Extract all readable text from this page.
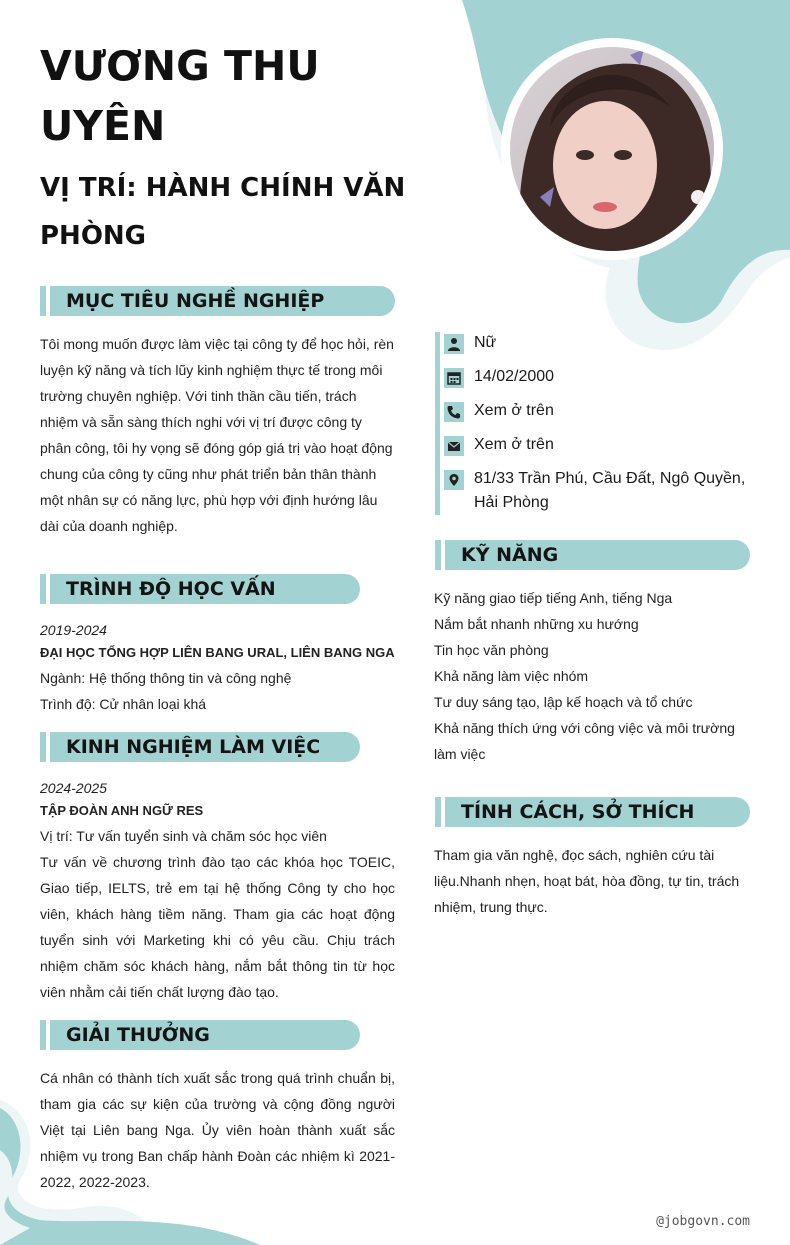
VƯƠNG THU UYÊN
VỊ TRÍ: HÀNH CHÍNH VĂN PHÒNG
MỤC TIÊU NGHỀ NGHIỆP

Tôi mong muốn được làm việc tại công ty để học hỏi, rèn luyện kỹ năng và tích lũy kinh nghiệm thực tế trong môi trường chuyên nghiệp. Với tinh thần cầu tiến, trách nhiệm và sẵn sàng thích nghi với vị trí được công ty phân công, tôi hy vọng sẽ đóng góp giá trị vào hoạt động chung của công ty cũng như phát triển bản thân thành một nhân sự có năng lực, phù hợp với định hướng lâu dài của doanh nghiệp.

TRÌNH ĐỘ HỌC VẤN
2019-2024
ĐẠI HỌC TỔNG HỢP LIÊN BANG URAL, LIÊN BANG NGA
Ngành: Hệ thống thông tin và công nghệ
Trình độ: Cử nhân loại khá
KINH NGHIỆM LÀM VIỆC
2024-2025
TẬP ĐOÀN ANH NGỮ RES
Vị trí: Tư vấn tuyển sinh và chăm sóc học viên

Tư vấn về chương trình đào tạo các khóa học TOEIC, Giao tiếp, IELTS, trẻ em tại hệ thống Công ty cho học viên, khách hàng tiềm năng. Tham gia các hoạt động tuyển sinh với Marketing khi có yêu cầu. Chịu trách nhiệm chăm sóc khách hàng, nắm bắt thông tin từ học viên nhằm cải tiến chất lượng đào tạo.

GIẢI THƯỞNG

Cá nhân có thành tích xuất sắc trong quá trình chuẩn bị, tham gia các sự kiện của trường và cộng đồng người Việt tại Liên bang Nga. Ủy viên hoàn thành xuất sắc nhiệm vụ trong Ban chấp hành Đoàn các nhiệm kì 2021-2022, 2022-2023.

Nữ
14/02/2000
Xem ở trên
Xem ở trên
81/33 Trần Phú, Cầu Đất, Ngô Quyền, Hải Phòng
KỸ NĂNG
Kỹ năng giao tiếp tiếng Anh, tiếng Nga
Nắm bắt nhanh những xu hướng
Tin học văn phòng
Khả năng làm việc nhóm
Tư duy sáng tạo, lập kế hoạch và tổ chức
Khả năng thích ứng với công việc và môi trường làm việc
TÍNH CÁCH, SỞ THÍCH

Tham gia văn nghệ, đọc sách, nghiên cứu tài liệu.Nhanh nhẹn, hoạt bát, hòa đồng, tự tin, trách nhiệm, trung thực.

@jobgovn.com
